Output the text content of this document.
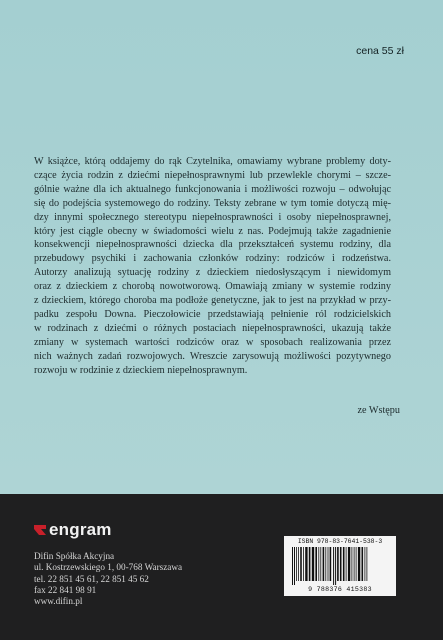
cena 55 zł
W książce, którą oddajemy do rąk Czytelnika, omawiamy wybrane problemy doty-
czące życia rodzin z dziećmi niepełnosprawnymi lub przewlekle chorymi – szcze-
gólnie ważne dla ich aktualnego funkcjonowania i możliwości rozwoju – odwołując
się do podejścia systemowego do rodziny. Teksty zebrane w tym tomie dotyczą mię-
dzy innymi społecznego stereotypu niepełnosprawności i osoby niepełnosprawnej,
który jest ciągle obecny w świadomości wielu z nas. Podejmują także zagadnienie
konsekwencji niepełnosprawności dziecka dla przekształceń systemu rodziny, dla
przebudowy psychiki i zachowania członków rodziny: rodziców i rodzeństwa.
Autorzy analizują sytuację rodziny z dzieckiem niedosłyszącym i niewidomym
oraz z dzieckiem z chorobą nowotworową. Omawiają zmiany w systemie rodziny
z dzieckiem, którego choroba ma podłoże genetyczne, jak to jest na przykład w przy-
padku zespołu Downa. Pieczołowicie przedstawiają pełnienie ról rodzicielskich
w rodzinach z dziećmi o różnych postaciach niepełnosprawności, ukazują także
zmiany w systemach wartości rodziców oraz w sposobach realizowania przez
nich ważnych zadań rozwojowych. Wreszcie zarysowują możliwości pozytywnego
rozwoju w rodzinie z dzieckiem niepełnosprawnym.
ze Wstępu
engram
Difin Spółka Akcyjna
ul. Kostrzewskiego 1, 00-768 Warszawa
tel. 22 851 45 61, 22 851 45 62
fax 22 841 98 91
www.difin.pl
ISBN 978-83-7641-538-3
9 788376 415383
